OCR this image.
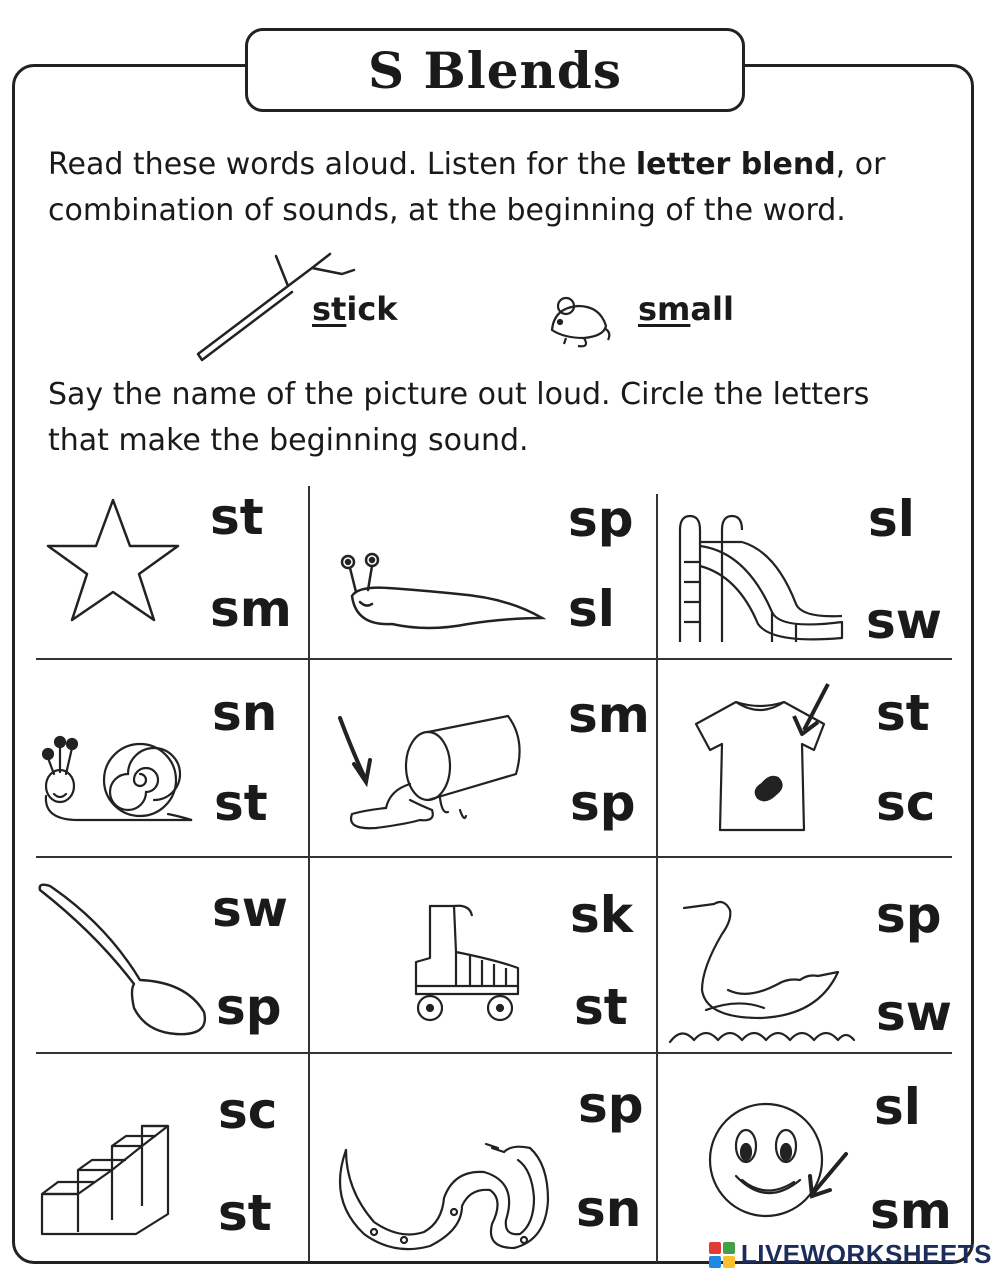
S Blends
Read these words aloud. Listen for the letter blend, or
combination of sounds, at the beginning of the word.
stick	small
Say the name of the picture out loud. Circle the letters
that make the beginning sound.
st
sm
sp
sl
sl
sw
sn
st
sm
sp
st
sc
sw
sp
sk
st
sp
sw
sc
st
sp
sn
sl
sm
LIVEWORKSHEETS
